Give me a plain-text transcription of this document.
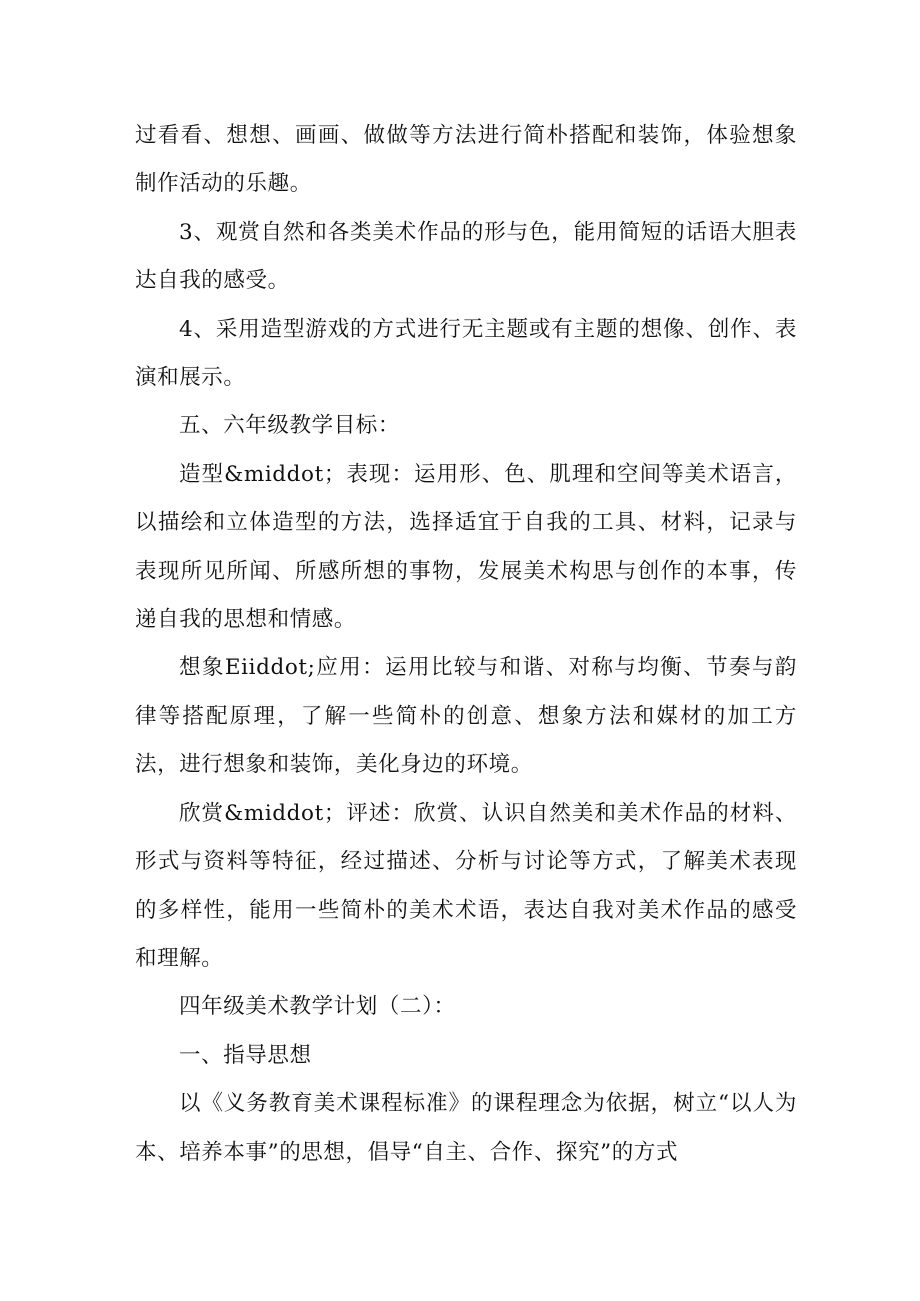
过看看、想想、画画、做做等方法进行简朴搭配和装饰，体验想象制作活动的乐趣。

3、观赏自然和各类美术作品的形与色，能用简短的话语大胆表达自我的感受。

4、采用造型游戏的方式进行无主题或有主题的想像、创作、表演和展示。

五、六年级教学目标：

造型&middot；表现：运用形、色、肌理和空间等美术语言，以描绘和立体造型的方法，选择适宜于自我的工具、材料，记录与表现所见所闻、所感所想的事物，发展美术构思与创作的本事，传递自我的思想和情感。

想象Eiiddot;应用：运用比较与和谐、对称与均衡、节奏与韵律等搭配原理，了解一些简朴的创意、想象方法和媒材的加工方法，进行想象和装饰，美化身边的环境。

欣赏&middot；评述：欣赏、认识自然美和美术作品的材料、形式与资料等特征，经过描述、分析与讨论等方式，了解美术表现的多样性，能用一些简朴的美术术语，表达自我对美术作品的感受和理解。

四年级美术教学计划（二）：

一、指导思想

以《义务教育美术课程标准》的课程理念为依据，树立“以人为本、培养本事”的思想，倡导“自主、合作、探究”的方式
